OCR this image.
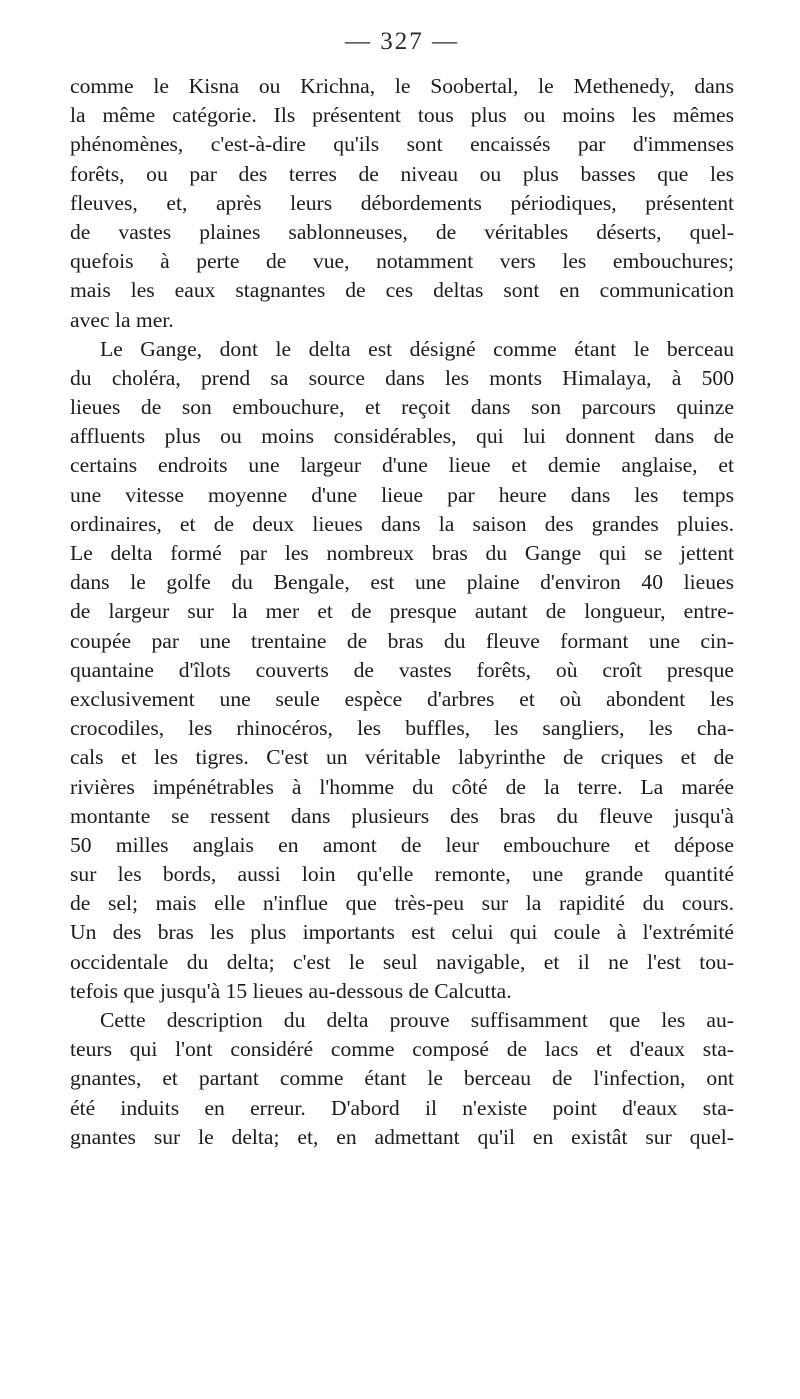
— 327 —
comme le Kisna ou Krichna, le Soobertal, le Methenedy, dans
la même catégorie. Ils présentent tous plus ou moins les mêmes
phénomènes, c'est-à-dire qu'ils sont encaissés par d'immenses
forêts, ou par des terres de niveau ou plus basses que les
fleuves, et, après leurs débordements périodiques, présentent
de vastes plaines sablonneuses, de véritables déserts, quel-
quefois à perte de vue, notamment vers les embouchures;
mais les eaux stagnantes de ces deltas sont en communication
avec la mer.
Le Gange, dont le delta est désigné comme étant le berceau
du choléra, prend sa source dans les monts Himalaya, à 500
lieues de son embouchure, et reçoit dans son parcours quinze
affluents plus ou moins considérables, qui lui donnent dans de
certains endroits une largeur d'une lieue et demie anglaise, et
une vitesse moyenne d'une lieue par heure dans les temps
ordinaires, et de deux lieues dans la saison des grandes pluies.
Le delta formé par les nombreux bras du Gange qui se jettent
dans le golfe du Bengale, est une plaine d'environ 40 lieues
de largeur sur la mer et de presque autant de longueur, entre-
coupée par une trentaine de bras du fleuve formant une cin-
quantaine d'îlots couverts de vastes forêts, où croît presque
exclusivement une seule espèce d'arbres et où abondent les
crocodiles, les rhinocéros, les buffles, les sangliers, les cha-
cals et les tigres. C'est un véritable labyrinthe de criques et de
rivières impénétrables à l'homme du côté de la terre. La marée
montante se ressent dans plusieurs des bras du fleuve jusqu'à
50 milles anglais en amont de leur embouchure et dépose
sur les bords, aussi loin qu'elle remonte, une grande quantité
de sel; mais elle n'influe que très-peu sur la rapidité du cours.
Un des bras les plus importants est celui qui coule à l'extrémité
occidentale du delta; c'est le seul navigable, et il ne l'est tou-
tefois que jusqu'à 15 lieues au-dessous de Calcutta.
Cette description du delta prouve suffisamment que les au-
teurs qui l'ont considéré comme composé de lacs et d'eaux sta-
gnantes, et partant comme étant le berceau de l'infection, ont
été induits en erreur. D'abord il n'existe point d'eaux sta-
gnantes sur le delta; et, en admettant qu'il en existât sur quel-
